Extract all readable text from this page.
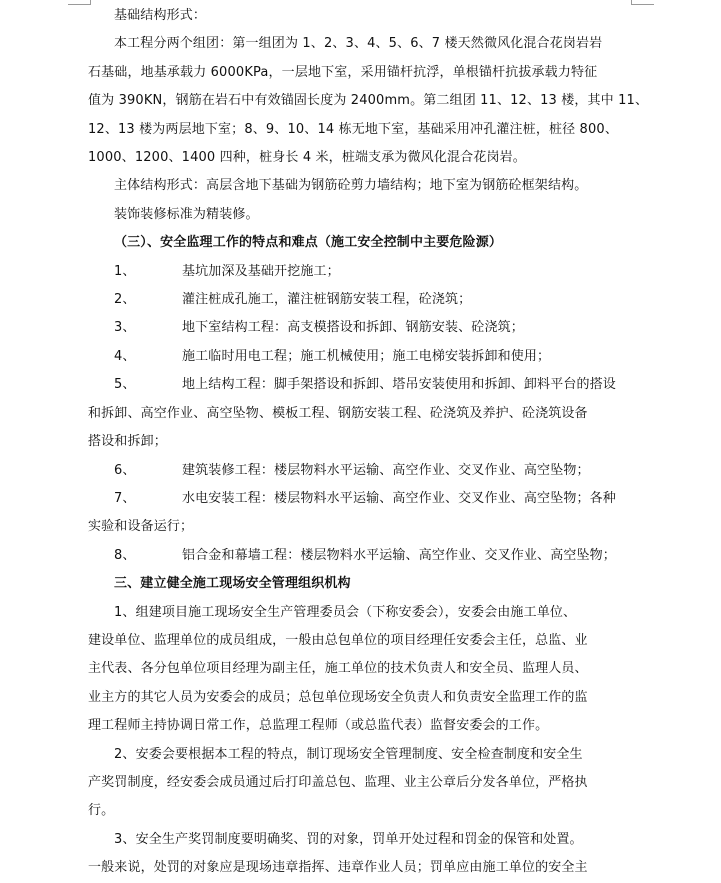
基础结构形式：
本工程分两个组团：第一组团为 1、2、3、4、5、6、7 楼天然微风化混合花岗岩岩
石基础，地基承载力 6000KPa，一层地下室，采用锚杆抗浮，单根锚杆抗拔承载力特征
值为 390KN，钢筋在岩石中有效锚固长度为 2400mm。第二组团 11、12、13 楼，其中 11、
12、13 楼为两层地下室；8、9、10、14 栋无地下室，基础采用冲孔灌注桩，桩径 800、
1000、1200、1400 四种，桩身长 4 米，桩端支承为微风化混合花岗岩。
主体结构形式：高层含地下基础为钢筋砼剪力墙结构；地下室为钢筋砼框架结构。
装饰装修标准为精装修。
（三）、安全监理工作的特点和难点（施工安全控制中主要危险源）
1、	基坑加深及基础开挖施工；
2、	灌注桩成孔施工，灌注桩钢筋安装工程，砼浇筑；
3、	地下室结构工程：高支模搭设和拆卸、钢筋安装、砼浇筑；
4、	施工临时用电工程；施工机械使用；施工电梯安装拆卸和使用；
5、	地上结构工程：脚手架搭设和拆卸、塔吊安装使用和拆卸、卸料平台的搭设
和拆卸、高空作业、高空坠物、模板工程、钢筋安装工程、砼浇筑及养护、砼浇筑设备
搭设和拆卸；
6、	建筑装修工程：楼层物料水平运输、高空作业、交叉作业、高空坠物；
7、	水电安装工程：楼层物料水平运输、高空作业、交叉作业、高空坠物；各种
实验和设备运行；
8、	铝合金和幕墙工程：楼层物料水平运输、高空作业、交叉作业、高空坠物；
三、建立健全施工现场安全管理组织机构
1、组建项目施工现场安全生产管理委员会（下称安委会），安委会由施工单位、
建设单位、监理单位的成员组成，一般由总包单位的项目经理任安委会主任，总监、业
主代表、各分包单位项目经理为副主任，施工单位的技术负责人和安全员、监理人员、
业主方的其它人员为安委会的成员；总包单位现场安全负责人和负责安全监理工作的监
理工程师主持协调日常工作，总监理工程师（或总监代表）监督安委会的工作。
2、安委会要根据本工程的特点，制订现场安全管理制度、安全检查制度和安全生
产奖罚制度，经安委会成员通过后打印盖总包、监理、业主公章后分发各单位，严格执
行。
3、安全生产奖罚制度要明确奖、罚的对象，罚单开处过程和罚金的保管和处置。
一般来说，处罚的对象应是现场违章指挥、违章作业人员；罚单应由施工单位的安全主
